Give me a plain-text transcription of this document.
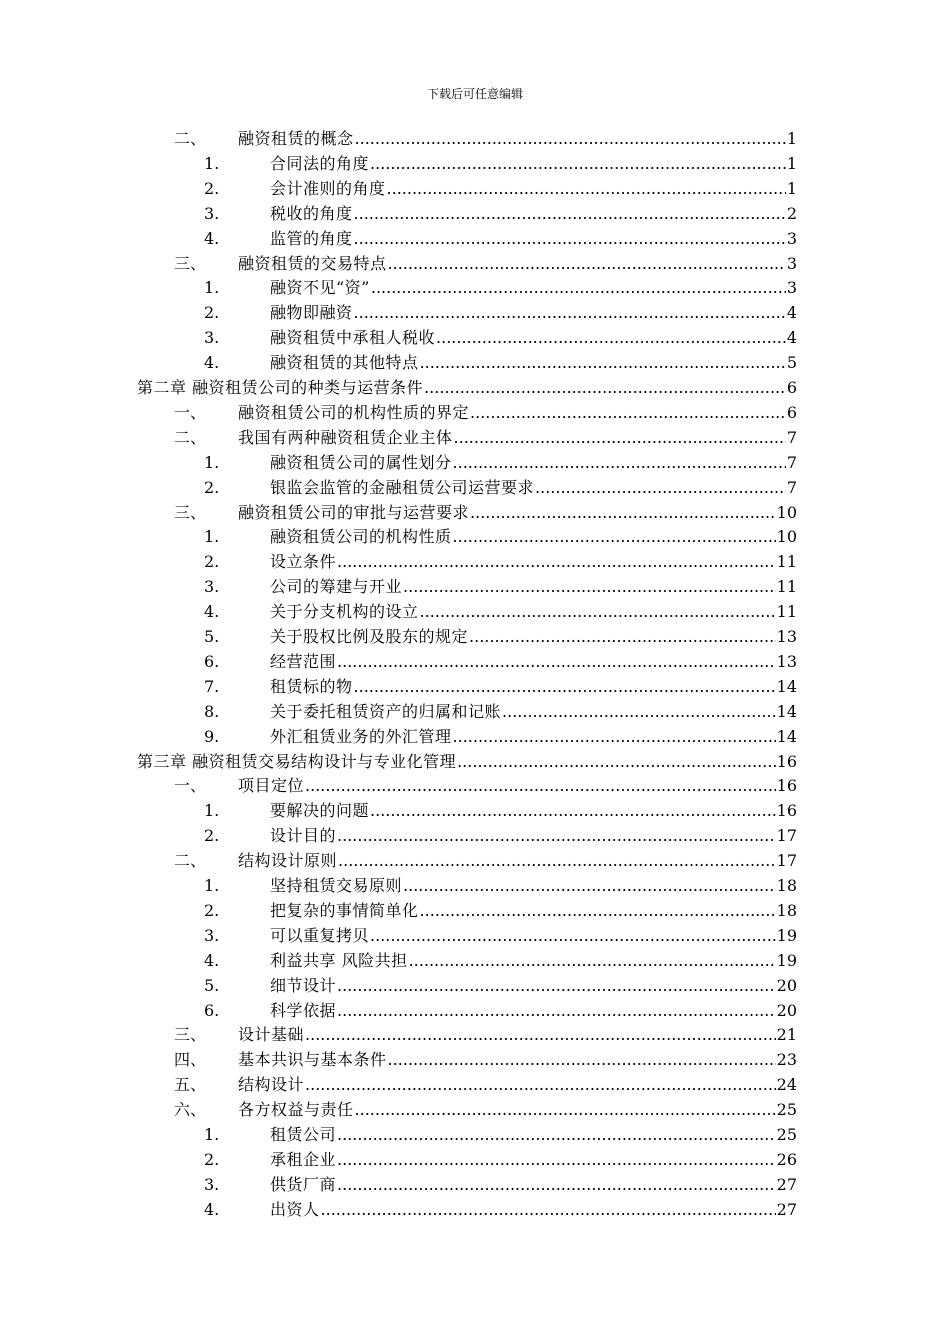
下载后可任意编辑
二、	融资租赁的概念 .....	1
1.	合同法的角度 .....	1
2.	会计准则的角度 .....	1
3.	税收的角度 .....	2
4.	监管的角度 .....	3
三、	融资租赁的交易特点 .....	3
1.	融资不见“资” .....	3
2.	融物即融资 .....	4
3.	融资租赁中承租人税收 .....	4
4.	融资租赁的其他特点 .....	5
第二章 融资租赁公司的种类与运营条件 .....	6
一、	融资租赁公司的机构性质的界定 .....	6
二、	我国有两种融资租赁企业主体 .....	7
1.	融资租赁公司的属性划分 .....	7
2.	银监会监管的金融租赁公司运营要求 .....	7
三、	融资租赁公司的审批与运营要求 .....	10
1.	融资租赁公司的机构性质 .....	10
2.	设立条件 .....	11
3.	公司的筹建与开业 .....	11
4.	关于分支机构的设立 .....	11
5.	关于股权比例及股东的规定 .....	13
6.	经营范围 .....	13
7.	租赁标的物 .....	14
8.	关于委托租赁资产的归属和记账 .....	14
9.	外汇租赁业务的外汇管理 .....	14
第三章 融资租赁交易结构设计与专业化管理 .....	16
一、	项目定位 .....	16
1.	要解决的问题 .....	16
2.	设计目的 .....	17
二、	结构设计原则 .....	17
1.	坚持租赁交易原则 .....	18
2.	把复杂的事情简单化 .....	18
3.	可以重复拷贝 .....	19
4.	利益共享 风险共担 .....	19
5.	细节设计 .....	20
6.	科学依据 .....	20
三、	设计基础 .....	21
四、	基本共识与基本条件 .....	23
五、	结构设计 .....	24
六、	各方权益与责任 .....	25
1.	租赁公司 .....	25
2.	承租企业 .....	26
3.	供货厂商 .....	27
4.	出资人 .....	27
